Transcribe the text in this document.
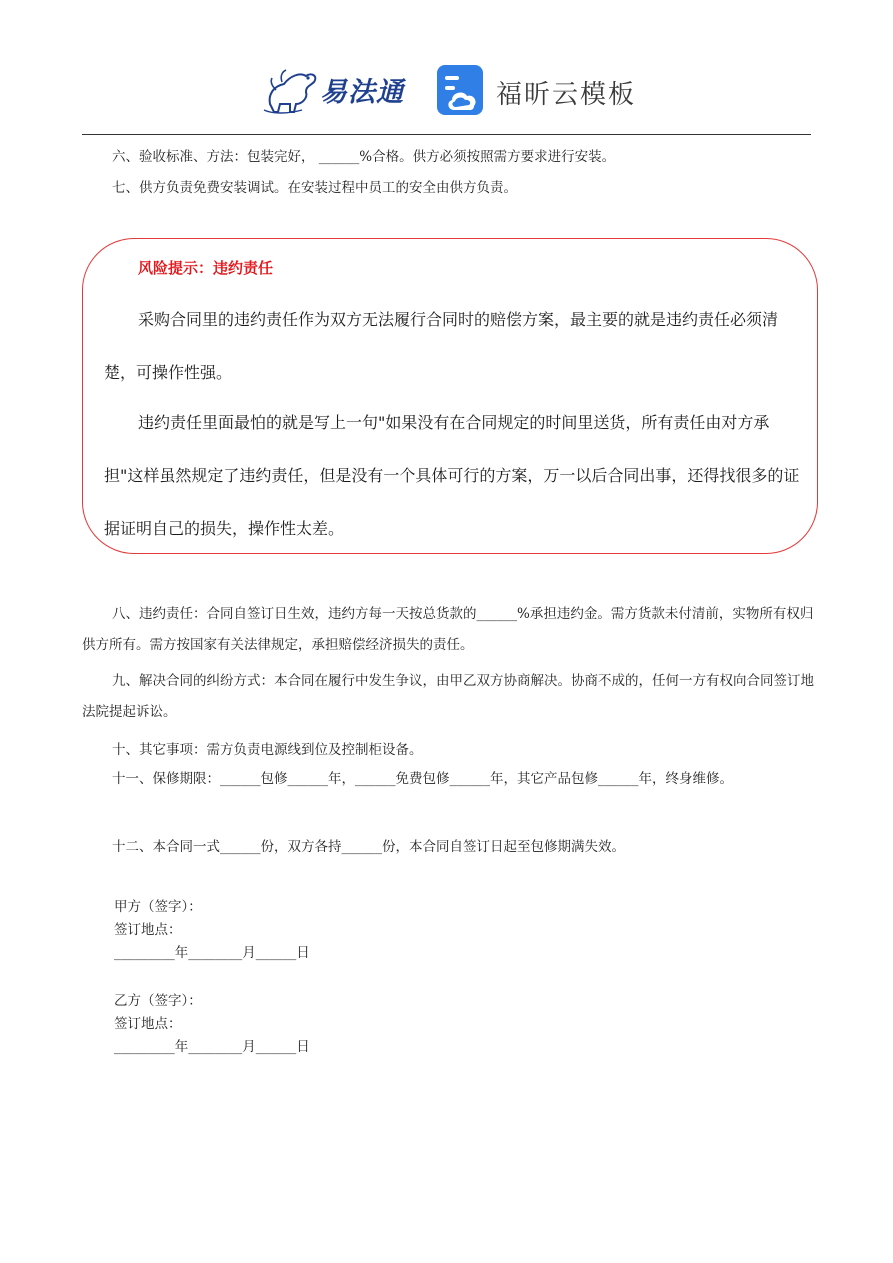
易法通	福昕云模板
六、验收标准、方法：包装完好， ______%合格。供方必须按照需方要求进行安装。
七、供方负责免费安装调试。在安装过程中员工的安全由供方负责。
风险提示：违约责任
采购合同里的违约责任作为双方无法履行合同时的赔偿方案，最主要的就是违约责任必须清楚，可操作性强。
违约责任里面最怕的就是写上一句"如果没有在合同规定的时间里送货，所有责任由对方承担"这样虽然规定了违约责任，但是没有一个具体可行的方案，万一以后合同出事，还得找很多的证据证明自己的损失，操作性太差。
八、违约责任：合同自签订日生效，违约方每一天按总货款的______%承担违约金。需方货款未付清前，实物所有权归供方所有。需方按国家有关法律规定，承担赔偿经济损失的责任。
九、解决合同的纠纷方式：本合同在履行中发生争议，由甲乙双方协商解决。协商不成的，任何一方有权向合同签订地法院提起诉讼。
十、其它事项：需方负责电源线到位及控制柜设备。
十一、保修期限：______包修______年，______免费包修______年，其它产品包修______年，终身维修。
十二、本合同一式______份，双方各持______份，本合同自签订日起至包修期满失效。
甲方（签字）：
签订地点：
_________年________月______日
乙方（签字）：
签订地点：
_________年________月______日
